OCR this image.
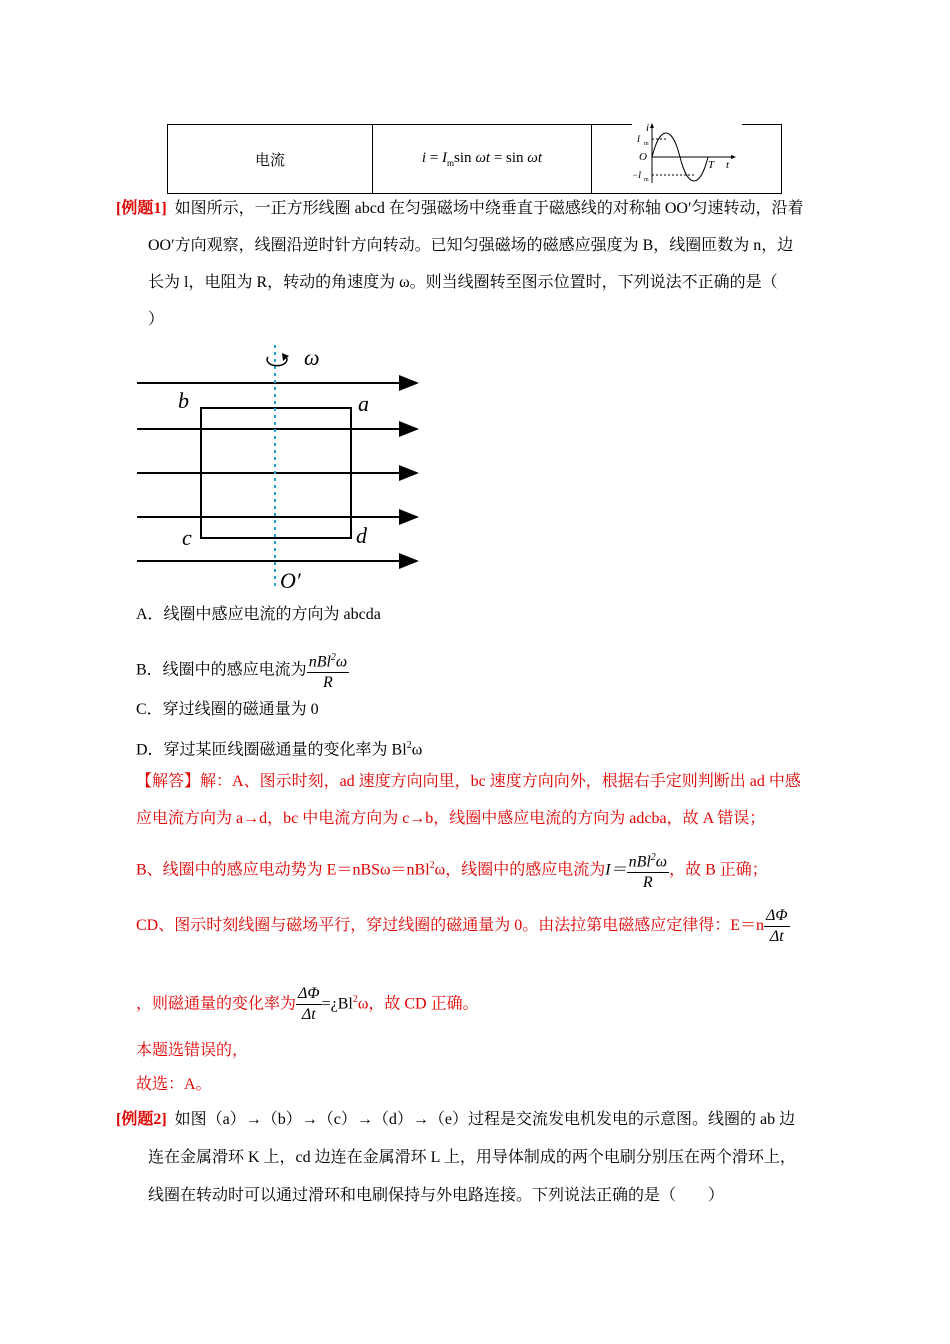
电流	$i = I_m\sin$ ωt = sin ωt	
i
I m
O
−I m
T t
[例题1] 如图所示，一正方形线圈 abcd 在匀强磁场中绕垂直于磁感线的对称轴 OO′匀速转动，沿着
OO′方向观察，线圈沿逆时针方向转动。已知匀强磁场的磁感应强度为 B，线圈匝数为 n，边
长为 l，电阻为 R，转动的角速度为 ω。则当线圈转至图示位置时，下列说法不正确的是（
）
ω
b	a
c	d
O′
A．线圈中感应电流的方向为 abcda
B．线圈中的感应电流为 $\frac{nBl^2\omega}{R}$
C．穿过线圈的磁通量为 0
D．穿过某匝线圈磁通量的变化率为 Bl$^2$ω
【解答】解：A、图示时刻，ad 速度方向向里，bc 速度方向向外，根据右手定则判断出 ad 中感
应电流方向为 a→d，bc 中电流方向为 c→b，线圈中感应电流的方向为 adcba，故 A 错误；
B、线圈中的感应电动势为 E＝nBSω＝nBl$^2$ω，线圈中的感应电流为$I= \frac{nBl^2\omega}{R}$ ，故 B 正确；
CD、图示时刻线圈与磁场平行，穿过线圈的磁通量为 0。由法拉第电磁感应定律得：$E=n \frac{\Delta\Phi}{\Delta t}$
，则磁通量的变化率为 $\frac{\Delta\Phi}{\Delta t}$ $=¿Bl^2\omega$，故 CD 正确。
本题选错误的，
故选：A。
[例题2] 如图（a）→（b）→（c）→（d）→（e）过程是交流发电机发电的示意图。线圈的 ab 边
连在金属滑环 K 上，cd 边连在金属滑环 L 上，用导体制成的两个电刷分别压在两个滑环上，
线圈在转动时可以通过滑环和电刷保持与外电路连接。下列说法正确的是（　　）
